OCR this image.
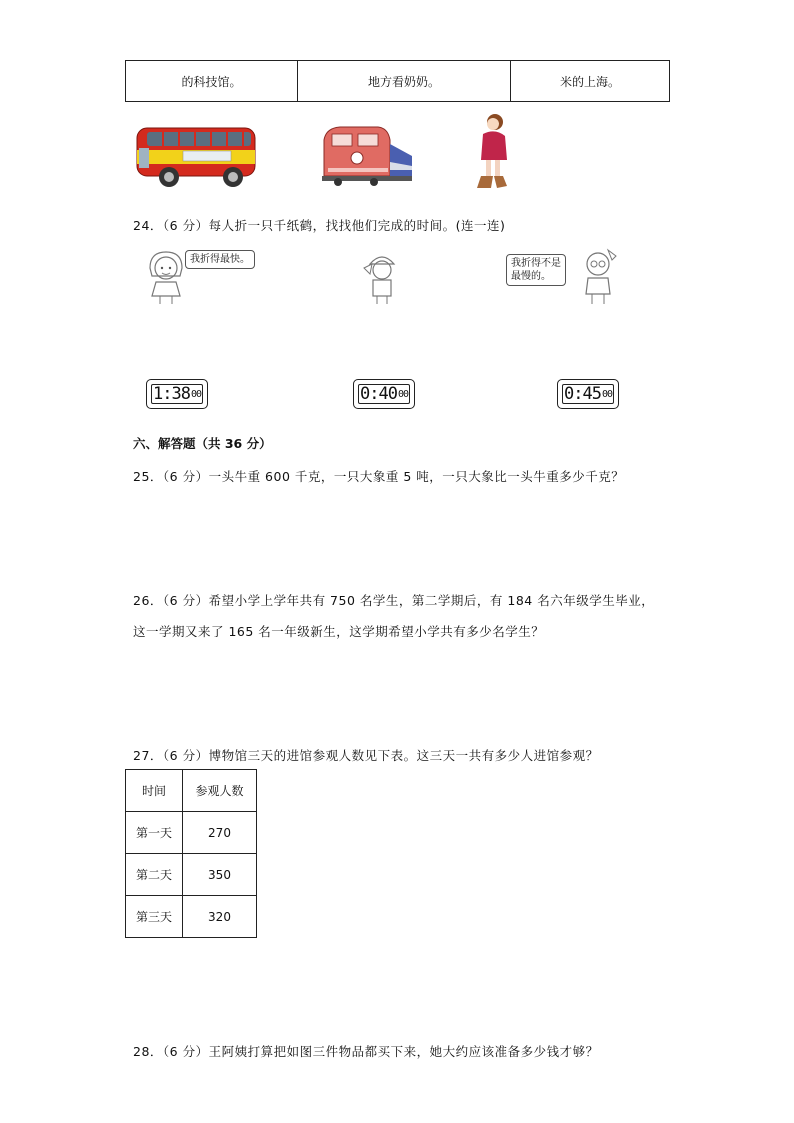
的科技馆。	地方看奶奶。	米的上海。
24．（6 分）每人折一只千纸鹤，找找他们完成的时间。(连一连)
我折得最快。	我折得不是
最慢的。
1:38 00	0:40 00	0:45 00
六、解答题（共 36 分）
25．（6 分）一头牛重 600 千克，一只大象重 5 吨，一只大象比一头牛重多少千克？
26．（6 分）希望小学上学年共有 750 名学生，第二学期后，有 184 名六年级学生毕业，
这一学期又来了 165 名一年级新生，这学期希望小学共有多少名学生？
27．（6 分）博物馆三天的进馆参观人数见下表。这三天一共有多少人进馆参观？
时间	参观人数
第一天	270
第二天	350
第三天	320
28．（6 分）王阿姨打算把如图三件物品都买下来，她大约应该准备多少钱才够？
